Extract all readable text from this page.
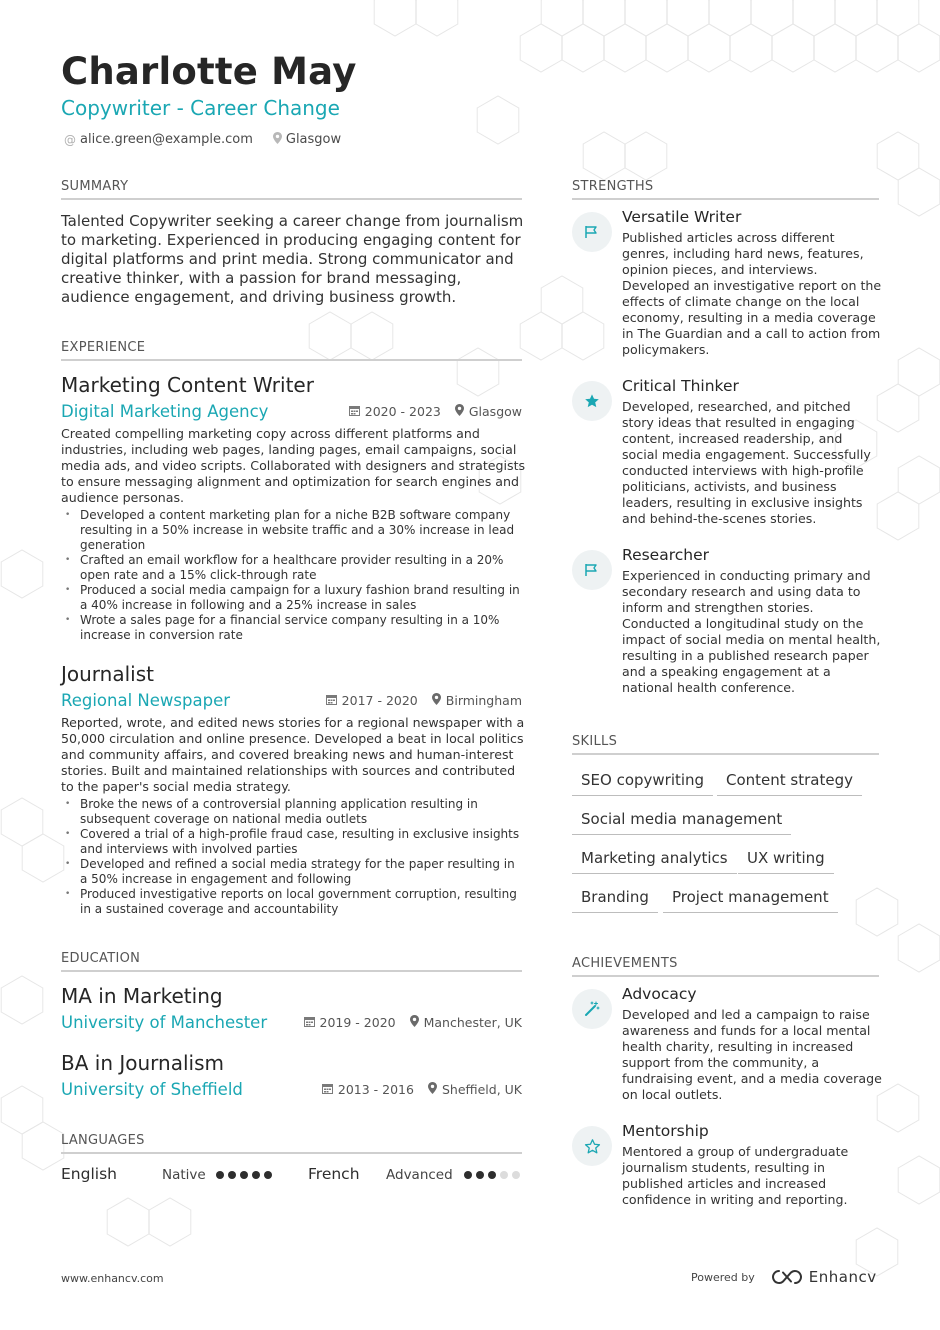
Charlotte May
Copywriter - Career Change
@ alice.green@example.com	Glasgow
SUMMARY
Talented Copywriter seeking a career change from journalism to marketing. Experienced in producing engaging content for digital platforms and print media. Strong communicator and creative thinker, with a passion for brand messaging, audience engagement, and driving business growth.
EXPERIENCE
Marketing Content Writer
Digital Marketing Agency	2020 - 2023 Glasgow
Created compelling marketing copy across different platforms and industries, including web pages, landing pages, email campaigns, social media ads, and video scripts. Collaborated with designers and strategists to ensure messaging alignment and optimization for search engines and audience personas.
• Developed a content marketing plan for a niche B2B software company resulting in a 50% increase in website traffic and a 30% increase in lead generation
• Crafted an email workflow for a healthcare provider resulting in a 20% open rate and a 15% click-through rate
• Produced a social media campaign for a luxury fashion brand resulting in a 40% increase in following and a 25% increase in sales
• Wrote a sales page for a financial service company resulting in a 10% increase in conversion rate
Journalist
Regional Newspaper	2017 - 2020 Birmingham
Reported, wrote, and edited news stories for a regional newspaper with a 50,000 circulation and online presence. Developed a beat in local politics and community affairs, and covered breaking news and human-interest stories. Built and maintained relationships with sources and contributed to the paper's social media strategy.
• Broke the news of a controversial planning application resulting in subsequent coverage on national media outlets
• Covered a trial of a high-profile fraud case, resulting in exclusive insights and interviews with involved parties
• Developed and refined a social media strategy for the paper resulting in a 50% increase in engagement and following
• Produced investigative reports on local government corruption, resulting in a sustained coverage and accountability
EDUCATION
MA in Marketing
University of Manchester	2019 - 2020 Manchester, UK
BA in Journalism
University of Sheffield	2013 - 2016 Sheffield, UK
LANGUAGES
English	Native	French Advanced
STRENGTHS
Versatile Writer
Published articles across different genres, including hard news, features, opinion pieces, and interviews. Developed an investigative report on the effects of climate change on the local economy, resulting in a media coverage in The Guardian and a call to action from policymakers.
Critical Thinker
Developed, researched, and pitched story ideas that resulted in engaging content, increased readership, and social media engagement. Successfully conducted interviews with high-profile politicians, activists, and business leaders, resulting in exclusive insights and behind-the-scenes stories.
Researcher
Experienced in conducting primary and secondary research and using data to inform and strengthen stories. Conducted a longitudinal study on the impact of social media on mental health, resulting in a published research paper and a speaking engagement at a national health conference.
SKILLS
SEO copywriting	Content strategy
Social media management
Marketing analytics	UX writing
Branding	Project management
ACHIEVEMENTS
Advocacy
Developed and led a campaign to raise awareness and funds for a local mental health charity, resulting in increased support from the community, a fundraising event, and a media coverage on local outlets.
Mentorship
Mentored a group of undergraduate journalism students, resulting in published articles and increased confidence in writing and reporting.
www.enhancv.com	Powered by	Enhancv
